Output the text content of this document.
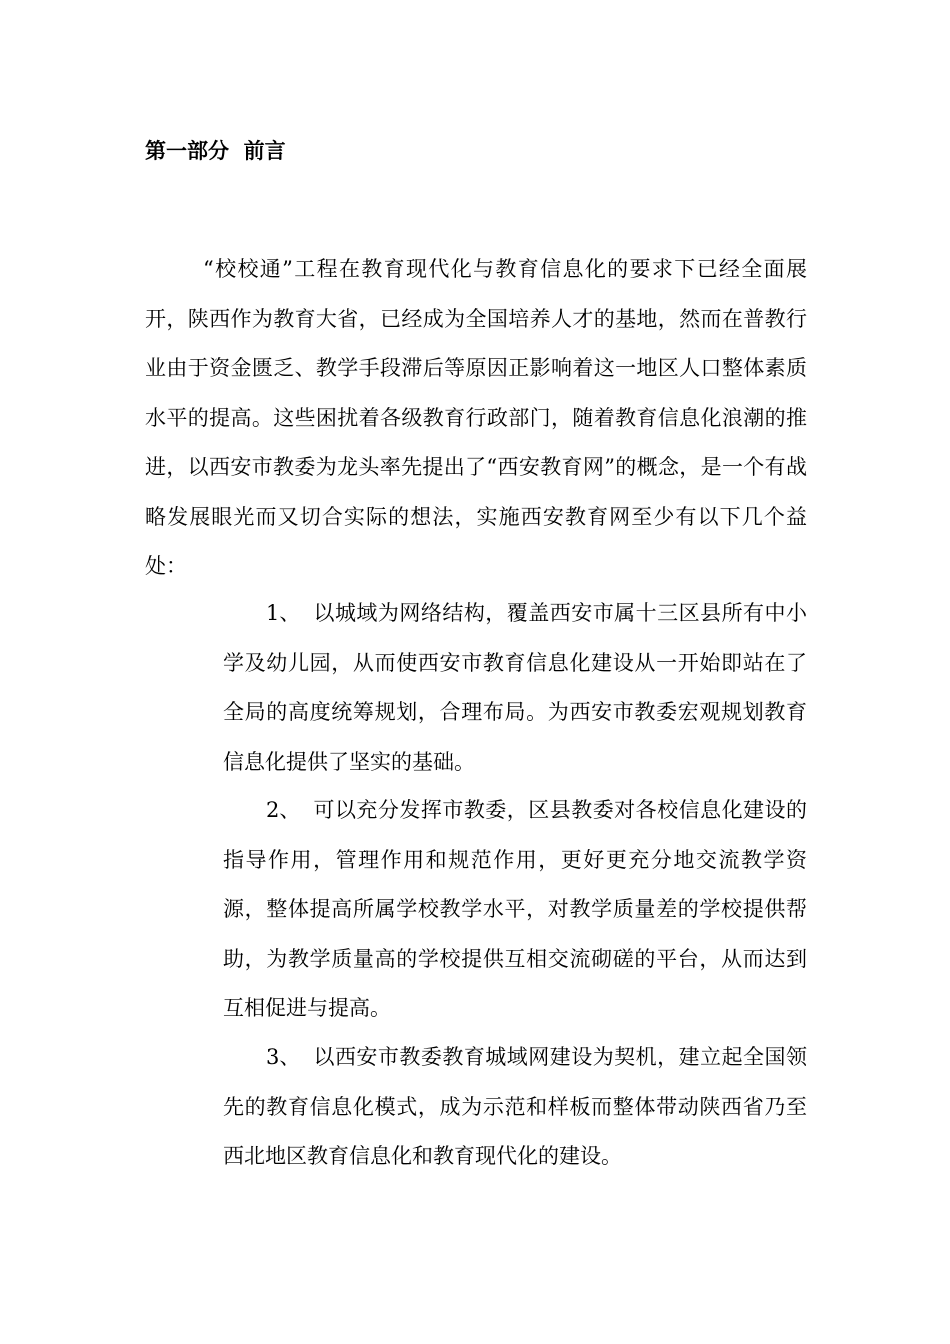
第一部分  前言

“校校通”工程在教育现代化与教育信息化的要求下已经全面展开，陕西作为教育大省，已经成为全国培养人才的基地，然而在普教行业由于资金匮乏、教学手段滞后等原因正影响着这一地区人口整体素质水平的提高。这些困扰着各级教育行政部门，随着教育信息化浪潮的推进，以西安市教委为龙头率先提出了“西安教育网”的概念，是一个有战略发展眼光而又切合实际的想法，实施西安教育网至少有以下几个益处：

1、 以城域为网络结构，覆盖西安市属十三区县所有中小学及幼儿园，从而使西安市教育信息化建设从一开始即站在了全局的高度统筹规划，合理布局。为西安市教委宏观规划教育信息化提供了坚实的基础。

2、 可以充分发挥市教委，区县教委对各校信息化建设的指导作用，管理作用和规范作用，更好更充分地交流教学资源，整体提高所属学校教学水平，对教学质量差的学校提供帮助，为教学质量高的学校提供互相交流砌磋的平台，从而达到互相促进与提高。

3、 以西安市教委教育城域网建设为契机，建立起全国领先的教育信息化模式，成为示范和样板而整体带动陕西省乃至西北地区教育信息化和教育现代化的建设。
